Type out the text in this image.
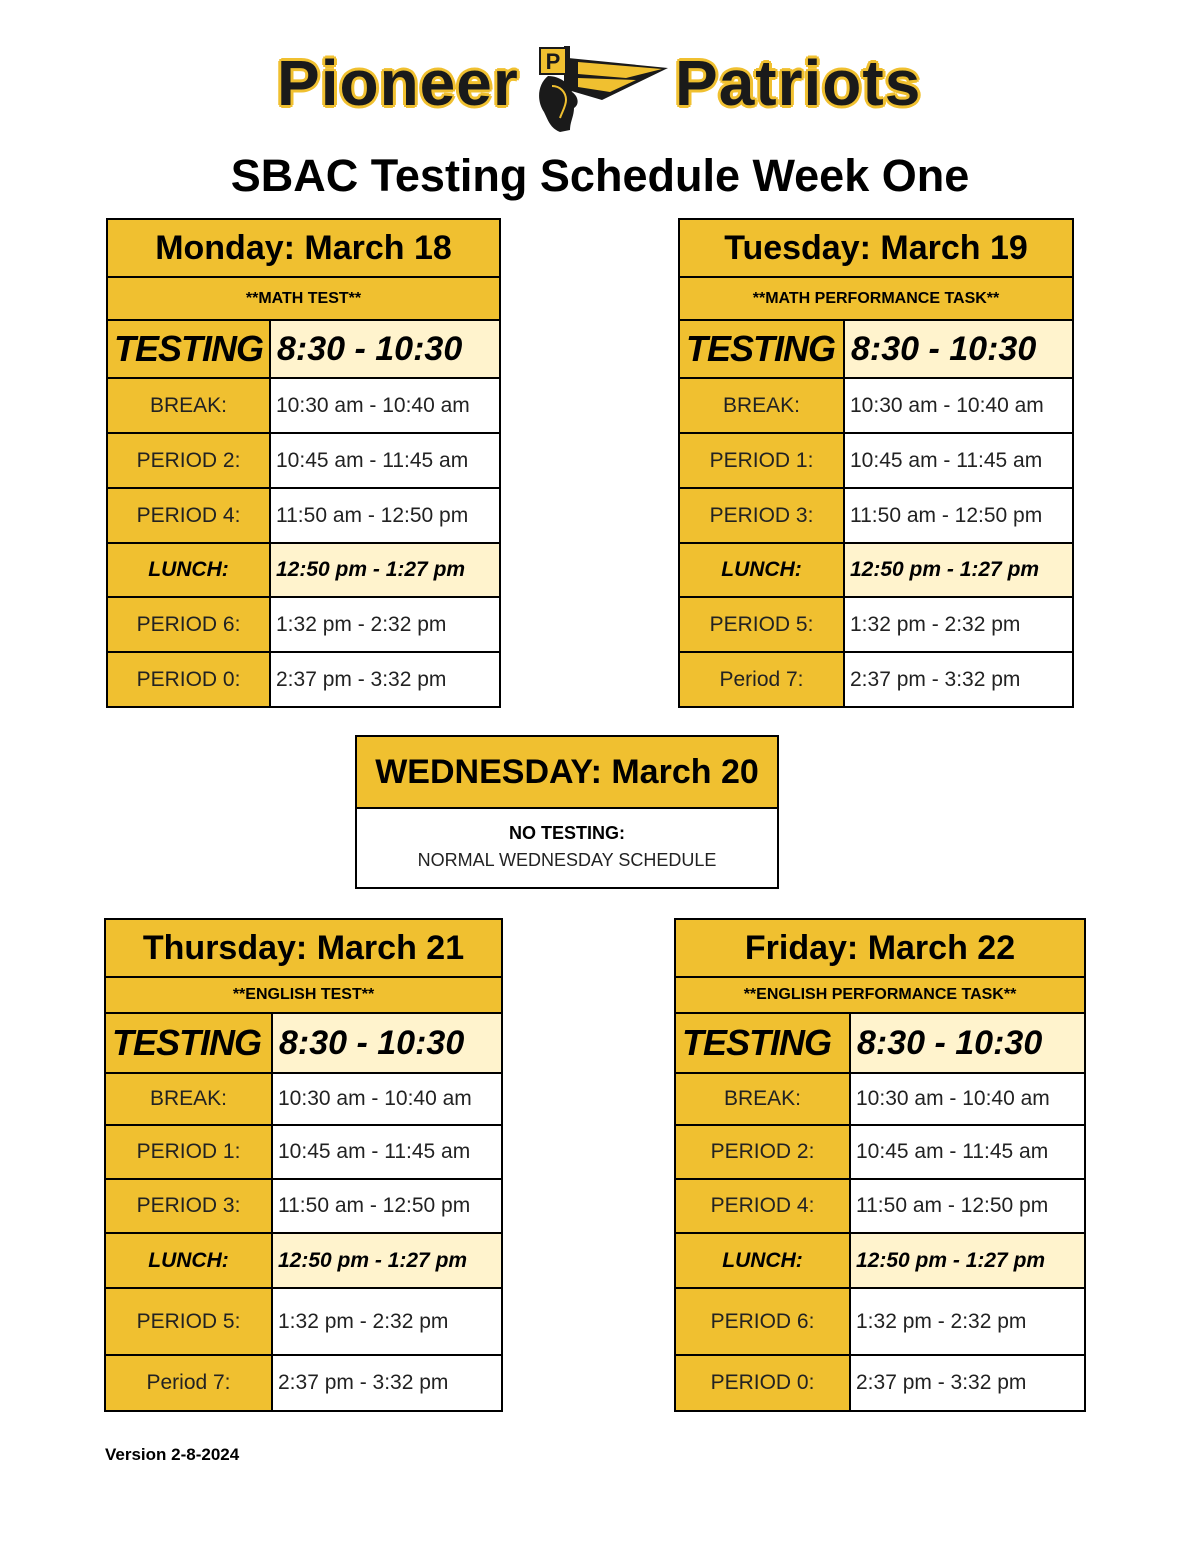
Pioneer P Patriots
SBAC Testing Schedule Week One
Monday: March 18	
**MATH TEST**	
TESTING	8:30 - 10:30
BREAK:	10:30 am - 10:40 am
PERIOD 2:	10:45 am - 11:45 am
PERIOD 4:	11:50 am - 12:50 pm
LUNCH:	12:50 pm - 1:27 pm
PERIOD 6:	1:32 pm - 2:32 pm
PERIOD 0:	2:37 pm - 3:32 pm
Tuesday: March 19	
**MATH PERFORMANCE TASK**	
TESTING	8:30 - 10:30
BREAK:	10:30 am - 10:40 am
PERIOD 1:	10:45 am - 11:45 am
PERIOD 3:	11:50 am - 12:50 pm
LUNCH:	12:50 pm - 1:27 pm
PERIOD 5:	1:32 pm - 2:32 pm
Period 7:	2:37 pm - 3:32 pm
WEDNESDAY: March 20
NO TESTING:
NORMAL WEDNESDAY SCHEDULE
Thursday: March 21	
**ENGLISH TEST**	
TESTING	8:30 - 10:30
BREAK:	10:30 am - 10:40 am
PERIOD 1:	10:45 am - 11:45 am
PERIOD 3:	11:50 am - 12:50 pm
LUNCH:	12:50 pm - 1:27 pm
PERIOD 5:	1:32 pm - 2:32 pm
Period 7:	2:37 pm - 3:32 pm
Friday: March 22	
**ENGLISH PERFORMANCE TASK**	
TESTING	8:30 - 10:30
BREAK:	10:30 am - 10:40 am
PERIOD 2:	10:45 am - 11:45 am
PERIOD 4:	11:50 am - 12:50 pm
LUNCH:	12:50 pm - 1:27 pm
PERIOD 6:	1:32 pm - 2:32 pm
PERIOD 0:	2:37 pm - 3:32 pm
Version 2-8-2024
